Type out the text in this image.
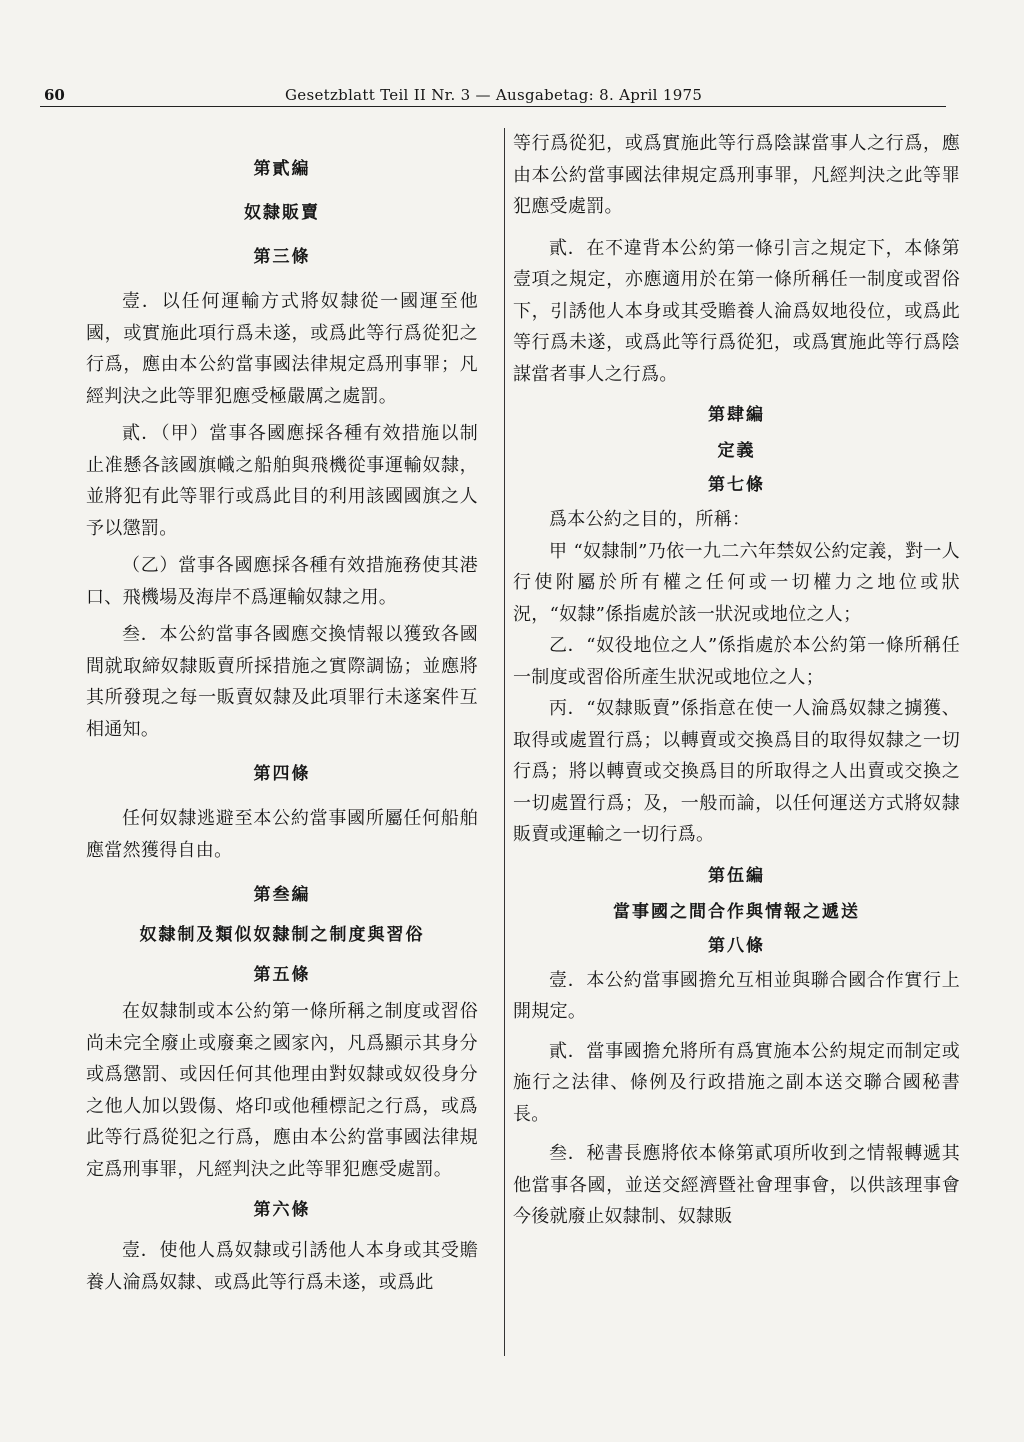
60	Gesetzblatt Teil II Nr. 3 — Ausgabetag: 8. April 1975

第貳編

奴隸販賣

第三條

壹．以任何運輸方式將奴隸從一國運至他國，或實施此項行爲未遂，或爲此等行爲從犯之行爲，應由本公約當事國法律規定爲刑事罪；凡經判決之此等罪犯應受極嚴厲之處罰。

貳．（甲）當事各國應採各種有效措施以制止准懸各該國旗幟之船舶與飛機從事運輸奴隸，並將犯有此等罪行或爲此目的利用該國國旗之人予以懲罰。

（乙）當事各國應採各種有效措施務使其港口、飛機場及海岸不爲運輸奴隸之用。

叁．本公約當事各國應交換情報以獲致各國間就取締奴隸販賣所採措施之實際調協；並應將其所發現之每一販賣奴隸及此項罪行未遂案件互相通知。

第四條

任何奴隸逃避至本公約當事國所屬任何船舶應當然獲得自由。

第叁編

奴隸制及類似奴隸制之制度與習俗

第五條

在奴隸制或本公約第一條所稱之制度或習俗尚未完全廢止或廢棄之國家內，凡爲顯示其身分或爲懲罰、或因任何其他理由對奴隸或奴役身分之他人加以毀傷、烙印或他種標記之行爲，或爲此等行爲從犯之行爲，應由本公約當事國法律規定爲刑事罪，凡經判決之此等罪犯應受處罰。

第六條

壹．使他人爲奴隸或引誘他人本身或其受贍養人淪爲奴隸、或爲此等行爲未遂，或爲此

等行爲從犯，或爲實施此等行爲陰謀當事人之行爲，應由本公約當事國法律規定爲刑事罪，凡經判決之此等罪犯應受處罰。

貳．在不違背本公約第一條引言之規定下，本條第壹項之規定，亦應適用於在第一條所稱任一制度或習俗下，引誘他人本身或其受贍養人淪爲奴地役位，或爲此等行爲未遂，或爲此等行爲從犯，或爲實施此等行爲陰謀當者事人之行爲。

第肆編

定義

第七條

爲本公約之目的，所稱：

甲 “奴隸制”乃依一九二六年禁奴公約定義，對一人行使附屬於所有權之任何或一切權力之地位或狀況，“奴隸”係指處於該一狀況或地位之人；

乙．“奴役地位之人”係指處於本公約第一條所稱任一制度或習俗所產生狀況或地位之人；

丙．“奴隸販賣”係指意在使一人淪爲奴隸之擄獲、取得或處置行爲；以轉賣或交換爲目的取得奴隸之一切行爲；將以轉賣或交換爲目的所取得之人出賣或交換之一切處置行爲；及，一般而論，以任何運送方式將奴隸販賣或運輸之一切行爲。

第伍編

當事國之間合作與情報之遞送

第八條

壹．本公約當事國擔允互相並與聯合國合作實行上開規定。

貳．當事國擔允將所有爲實施本公約規定而制定或施行之法律、條例及行政措施之副本送交聯合國秘書長。

叁．秘書長應將依本條第貳項所收到之情報轉遞其他當事各國，並送交經濟暨社會理事會，以供該理事會今後就廢止奴隸制、奴隸販
